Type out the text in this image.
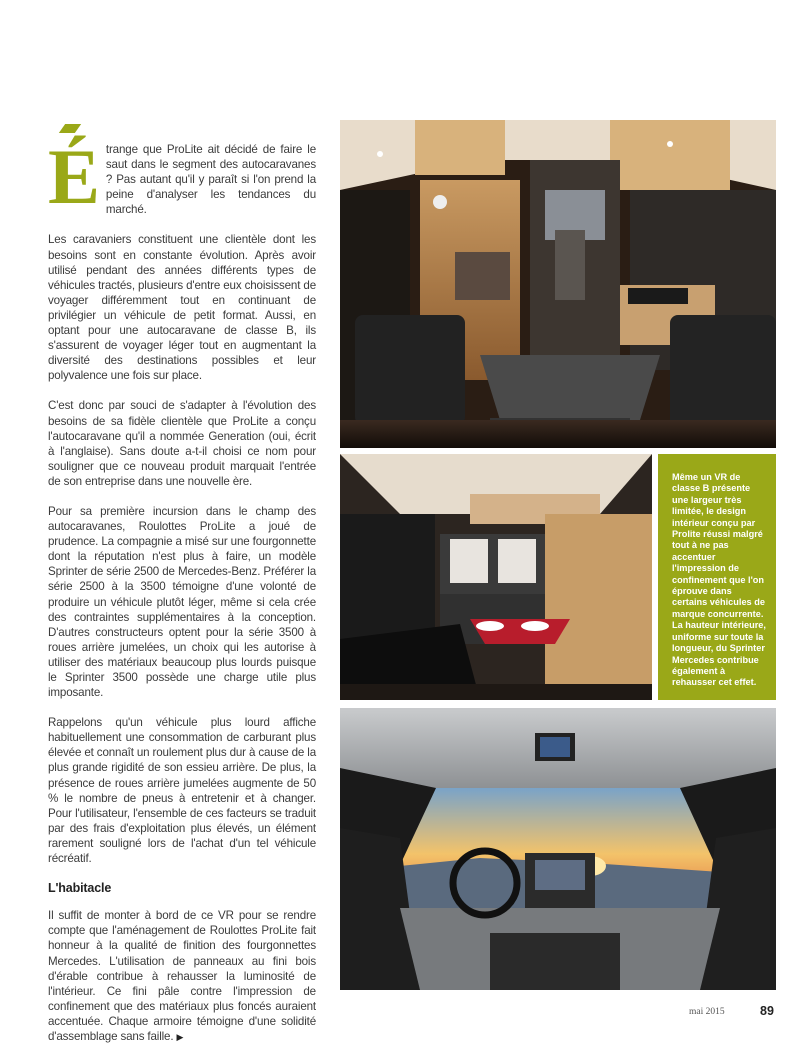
Étrange que ProLite ait décidé de faire le saut dans le segment des autocaravanes ? Pas autant qu'il y paraît si l'on prend la peine d'analyser les tendances du marché.

Les caravaniers constituent une clientèle dont les besoins sont en constante évolution. Après avoir utilisé pendant des années différents types de véhicules tractés, plusieurs d'entre eux choisissent de voyager différemment tout en continuant de privilégier un véhicule de petit format. Aussi, en optant pour une autocaravane de classe B, ils s'assurent de voyager léger tout en augmentant la diversité des destinations possibles et leur polyvalence une fois sur place.

C'est donc par souci de s'adapter à l'évolution des besoins de sa fidèle clientèle que ProLite a conçu l'autocaravane qu'il a nommée Generation (oui, écrit à l'anglaise). Sans doute a-t-il choisi ce nom pour souligner que ce nouveau produit marquait l'entrée de son entreprise dans une nouvelle ère.

Pour sa première incursion dans le champ des autocaravanes, Roulottes ProLite a joué de prudence. La compagnie a misé sur une fourgonnette dont la réputation n'est plus à faire, un modèle Sprinter de série 2500 de Mercedes-Benz. Préférer la série 2500 à la 3500 témoigne d'une volonté de produire un véhicule plutôt léger, même si cela crée des contraintes supplémentaires à la conception. D'autres constructeurs optent pour la série 3500 à roues arrière jumelées, un choix qui les autorise à utiliser des matériaux beaucoup plus lourds puisque le Sprinter 3500 possède une charge utile plus imposante.

Rappelons qu'un véhicule plus lourd affiche habituellement une consommation de carburant plus élevée et connaît un roulement plus dur à cause de la plus grande rigidité de son essieu arrière. De plus, la présence de roues arrière jumelées augmente de 50 % le nombre de pneus à entretenir et à changer. Pour l'utilisateur, l'ensemble de ces facteurs se traduit par des frais d'exploitation plus élevés, un élément rarement souligné lors de l'achat d'un tel véhicule récréatif.

L'habitacle

Il suffit de monter à bord de ce VR pour se rendre compte que l'aménagement de Roulottes ProLite fait honneur à la qualité de finition des fourgonnettes Mercedes. L'utilisation de panneaux au fini bois d'érable contribue à rehausser la luminosité de l'intérieur. Ce fini pâle contre l'impression de confinement que des matériaux plus foncés auraient accentuée. Chaque armoire témoigne d'une solidité d'assemblage sans faille. ▶

Même un VR de classe B présente une largeur très limitée, le design intérieur conçu par Prolite réussi malgré tout à ne pas accentuer l'impression de confinement que l'on éprouve dans certains véhicules de marque concurrente. La hauteur intérieure, uniforme sur toute la longueur, du Sprinter Mercedes contribue également à rehausser cet effet.
mai 2015	89
